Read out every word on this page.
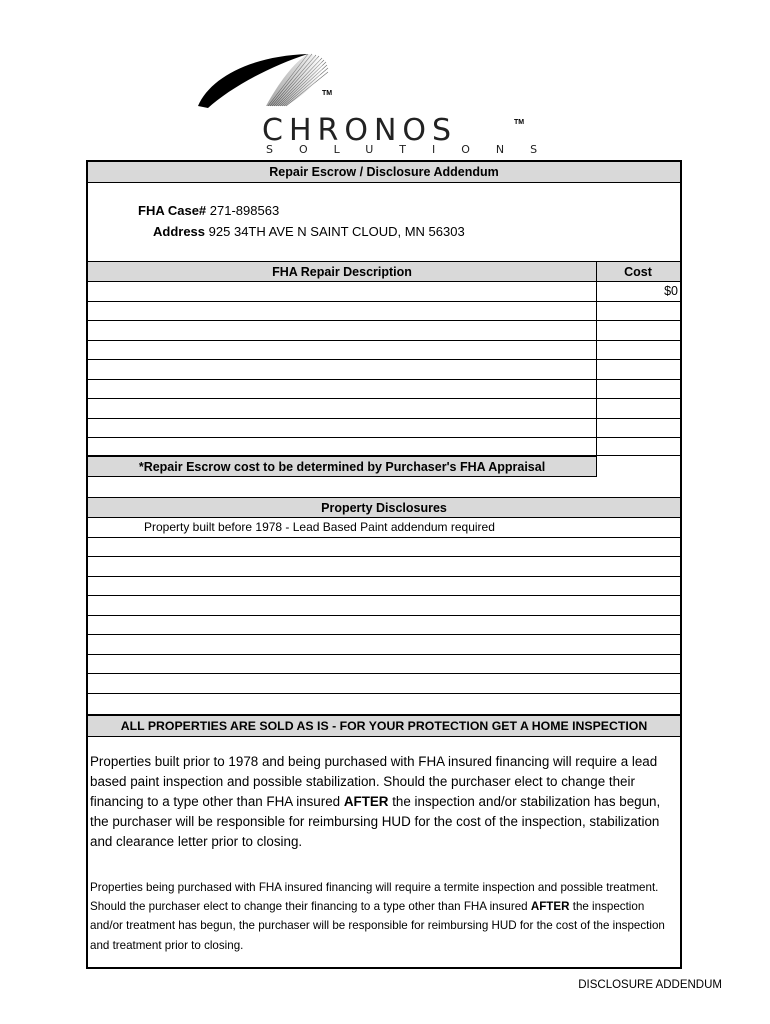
TM
CHRONOS	TM
SOLUTIONS
Repair Escrow / Disclosure Addendum
FHA Case# 271-898563
Address 925 34TH AVE N SAINT CLOUD, MN 56303
FHA Repair Description	Cost
$0
*Repair Escrow cost to be determined by Purchaser's FHA Appraisal
Property Disclosures
Property built before 1978 - Lead Based Paint addendum required
ALL PROPERTIES ARE SOLD AS IS - FOR YOUR PROTECTION GET A HOME INSPECTION
Properties built prior to 1978 and being purchased with FHA insured financing will require a lead based paint inspection and possible stabilization. Should the purchaser elect to change their financing to a type other than FHA insured AFTER the inspection and/or stabilization has begun, the purchaser will be responsible for reimbursing HUD for the cost of the inspection, stabilization and clearance letter prior to closing.
Properties being purchased with FHA insured financing will require a termite inspection and possible treatment. Should the purchaser elect to change their financing to a type other than FHA insured AFTER the inspection and/or treatment has begun, the purchaser will be responsible for reimbursing HUD for the cost of the inspection and treatment prior to closing.
DISCLOSURE ADDENDUM
